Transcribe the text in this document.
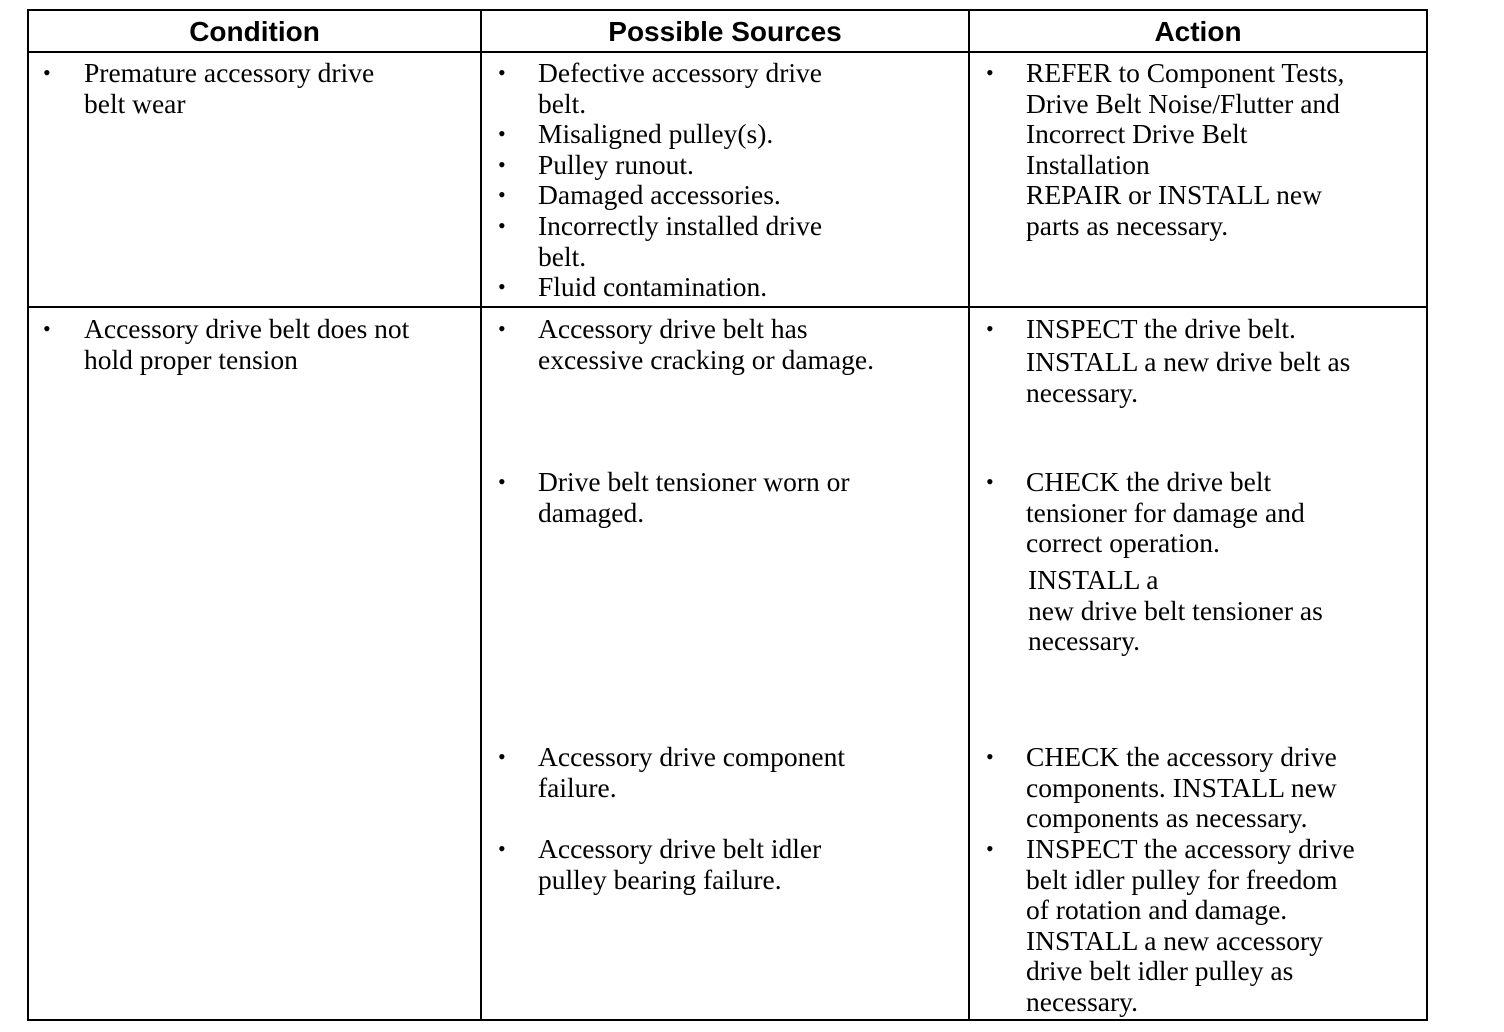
Condition	Possible Sources	Action
• Premature accessory drive
belt wear
• Defective accessory drive
belt.
• Misaligned pulley(s).
• Pulley runout.
• Damaged accessories.
• Incorrectly installed drive
belt.
• Fluid contamination.
• REFER to Component Tests,
Drive Belt Noise/Flutter and
Incorrect Drive Belt
Installation
REPAIR or INSTALL new
parts as necessary.
• Accessory drive belt does not
hold proper tension
• Accessory drive belt has
excessive cracking or damage.
• Drive belt tensioner worn or
damaged.
• Accessory drive component
failure.
• Accessory drive belt idler
pulley bearing failure.
• INSPECT the drive belt.
INSTALL a new drive belt as
necessary.
• CHECK the drive belt
tensioner for damage and
correct operation.
INSTALL a
new drive belt tensioner as
necessary.
• CHECK the accessory drive
components. INSTALL new
components as necessary.
• INSPECT the accessory drive
belt idler pulley for freedom
of rotation and damage.
INSTALL a new accessory
drive belt idler pulley as
necessary.
